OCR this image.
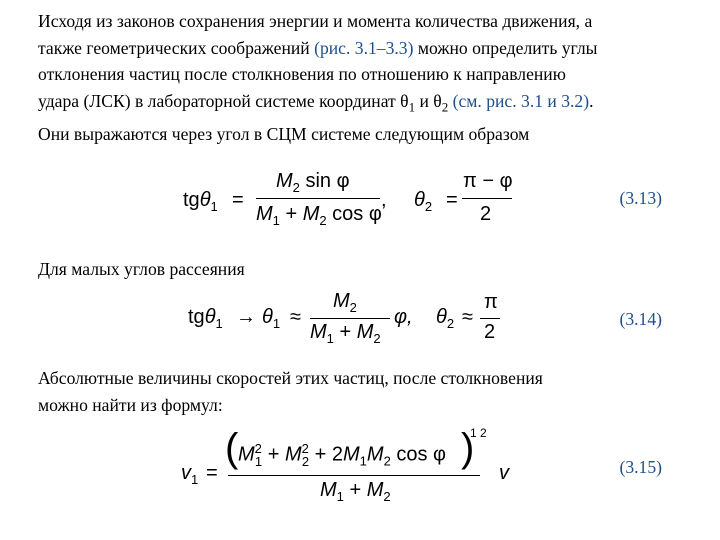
Исходя из законов сохранения энергии и момента количества движения, а
также геометрических соображений (рис. 3.1–3.3) можно определить углы
отклонения частиц после столкновения по отношению к направлению
удара (ЛСК) в лабораторной системе координат $\theta_1$ и $\theta_2$ (см. рис. 3.1 и 3.2).
Они выражаются через угол в СЦМ системе следующим образом
tgθ$_1$ =
$M_2$ sin φ
$M_1 + M_2$ cos φ
, $\theta_2$ =
π − φ
2
(3.13)
Для малых углов рассеяния
$tg\theta_1 \to \theta_1$ ≈
$M_2$
$M_1 + M_2$
φ, $\theta_2$ ≈
π
2
(3.14)
Абсолютные величины скоростей этих частиц, после столкновения
можно найти из формул:
$v_1$ =
( $M^2_1 + M^2_2 + 2M_1M_2$ cos φ )
1 2
$M_1 + M_2$
v	(3.15)
